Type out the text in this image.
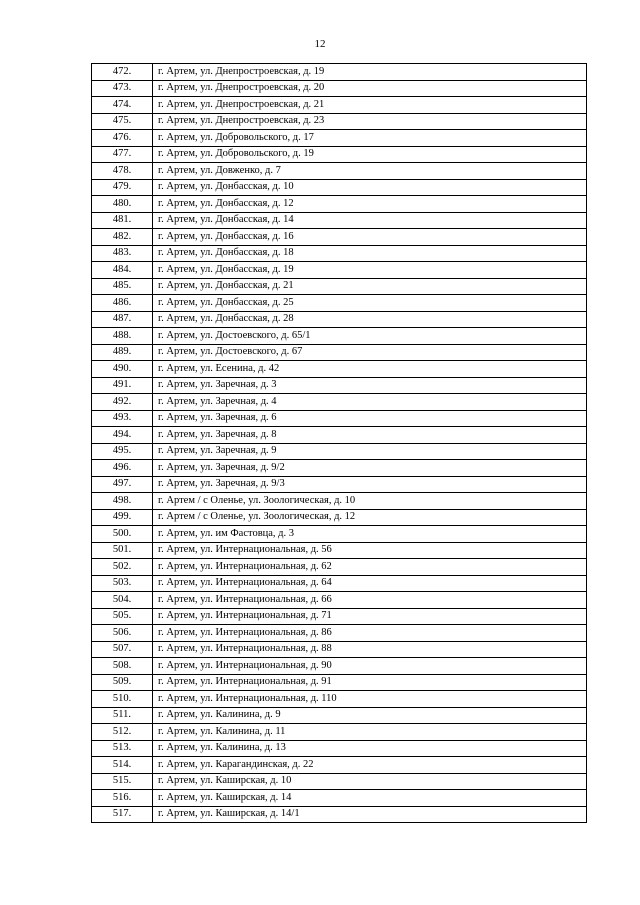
12
472.	г. Артем, ул. Днепростроевская, д. 19
473.	г. Артем, ул. Днепростроевская, д. 20
474.	г. Артем, ул. Днепростроевская, д. 21
475.	г. Артем, ул. Днепростроевская, д. 23
476.	г. Артем, ул. Добровольского, д. 17
477.	г. Артем, ул. Добровольского, д. 19
478.	г. Артем, ул. Довженко, д. 7
479.	г. Артем, ул. Донбасская, д. 10
480.	г. Артем, ул. Донбасская, д. 12
481.	г. Артем, ул. Донбасская, д. 14
482.	г. Артем, ул. Донбасская, д. 16
483.	г. Артем, ул. Донбасская, д. 18
484.	г. Артем, ул. Донбасская, д. 19
485.	г. Артем, ул. Донбасская, д. 21
486.	г. Артем, ул. Донбасская, д. 25
487.	г. Артем, ул. Донбасская, д. 28
488.	г. Артем, ул. Достоевского, д. 65/1
489.	г. Артем, ул. Достоевского, д. 67
490.	г. Артем, ул. Есенина, д. 42
491.	г. Артем, ул. Заречная, д. 3
492.	г. Артем, ул. Заречная, д. 4
493.	г. Артем, ул. Заречная, д. 6
494.	г. Артем, ул. Заречная, д. 8
495.	г. Артем, ул. Заречная, д. 9
496.	г. Артем, ул. Заречная, д. 9/2
497.	г. Артем, ул. Заречная, д. 9/3
498.	г. Артем / с Оленье, ул. Зоологическая, д. 10
499.	г. Артем / с Оленье, ул. Зоологическая, д. 12
500.	г. Артем, ул. им Фастовца, д. 3
501.	г. Артем, ул. Интернациональная, д. 56
502.	г. Артем, ул. Интернациональная, д. 62
503.	г. Артем, ул. Интернациональная, д. 64
504.	г. Артем, ул. Интернациональная, д. 66
505.	г. Артем, ул. Интернациональная, д. 71
506.	г. Артем, ул. Интернациональная, д. 86
507.	г. Артем, ул. Интернациональная, д. 88
508.	г. Артем, ул. Интернациональная, д. 90
509.	г. Артем, ул. Интернациональная, д. 91
510.	г. Артем, ул. Интернациональная, д. 110
511.	г. Артем, ул. Калинина, д. 9
512.	г. Артем, ул. Калинина, д. 11
513.	г. Артем, ул. Калинина, д. 13
514.	г. Артем, ул. Карагандинская, д. 22
515.	г. Артем, ул. Каширская, д. 10
516.	г. Артем, ул. Каширская, д. 14
517.	г. Артем, ул. Каширская, д. 14/1
